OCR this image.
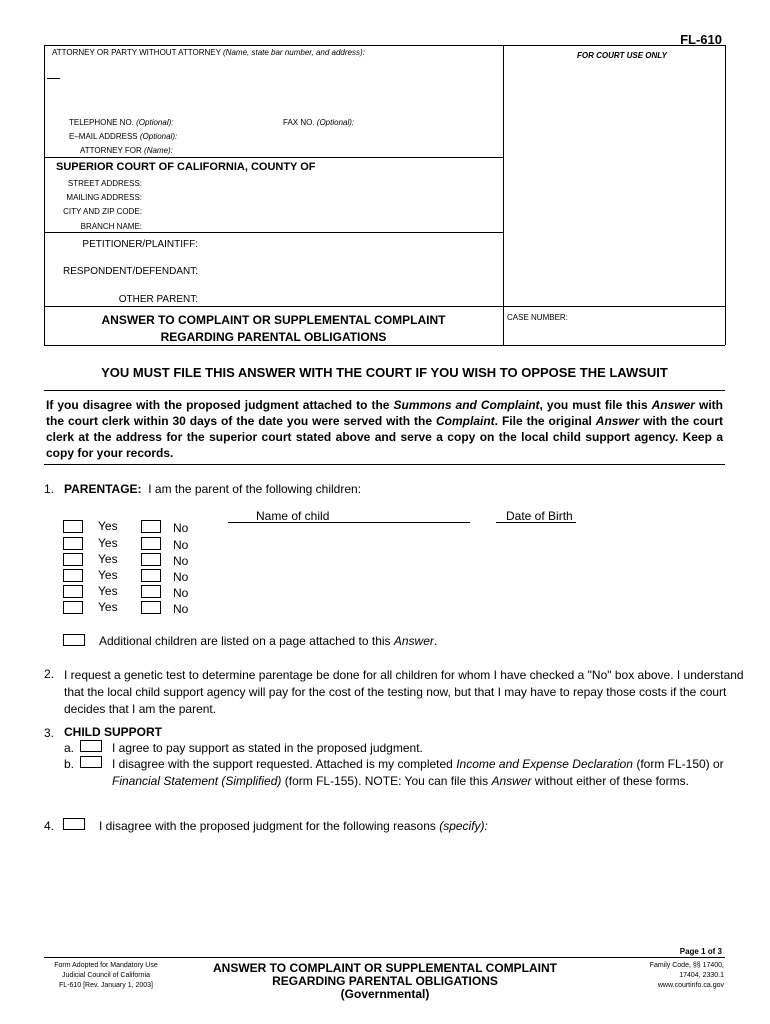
FL-610
ATTORNEY OR PARTY WITHOUT ATTORNEY (Name, state bar number, and address):	FOR COURT USE ONLY
TELEPHONE NO. (Optional):	FAX NO. (Optional):
E–MAIL ADDRESS (Optional):
ATTORNEY FOR (Name):
SUPERIOR COURT OF CALIFORNIA, COUNTY OF
STREET ADDRESS:
MAILING ADDRESS:
CITY AND ZIP CODE:
BRANCH NAME:
PETITIONER/PLAINTIFF:
RESPONDENT/DEFENDANT:
OTHER PARENT:
ANSWER TO COMPLAINT OR SUPPLEMENTAL COMPLAINT
REGARDING PARENTAL OBLIGATIONS
CASE NUMBER:
YOU MUST FILE THIS ANSWER WITH THE COURT IF YOU WISH TO OPPOSE THE LAWSUIT
If you disagree with the proposed judgment attached to the Summons and Complaint, you must file this Answer with the court clerk within 30 days of the date you were served with the Complaint. File the original Answer with the court clerk at the address for the superior court stated above and serve a copy on the local child support agency. Keep a copy for your records.
1. PARENTAGE: I am the parent of the following children:
Name of child	Date of Birth
Yes	No
Yes	No
Yes	No
Yes	No
Yes	No
Yes	No
Additional children are listed on a page attached to this Answer.
2. I request a genetic test to determine parentage be done for all children for whom I have checked a "No" box above. I understand
that the local child support agency will pay for the cost of the testing now, but that I may have to repay those costs if the court
decides that I am the parent.
3. CHILD SUPPORT
a.	I agree to pay support as stated in the proposed judgment.
b.	I disagree with the support requested. Attached is my completed Income and Expense Declaration (form FL-150) or
Financial Statement (Simplified) (form FL-155). NOTE: You can file this Answer without either of these forms.
4.	I disagree with the proposed judgment for the following reasons (specify):
Page 1 of 3
Form Adopted for Mandatory Use
Judicial Council of California
FL-610 [Rev. January 1, 2003]
ANSWER TO COMPLAINT OR SUPPLEMENTAL COMPLAINT
REGARDING PARENTAL OBLIGATIONS
(Governmental)
Family Code, §§ 17400,
17404, 2330.1
www.courtinfo.ca.gov
